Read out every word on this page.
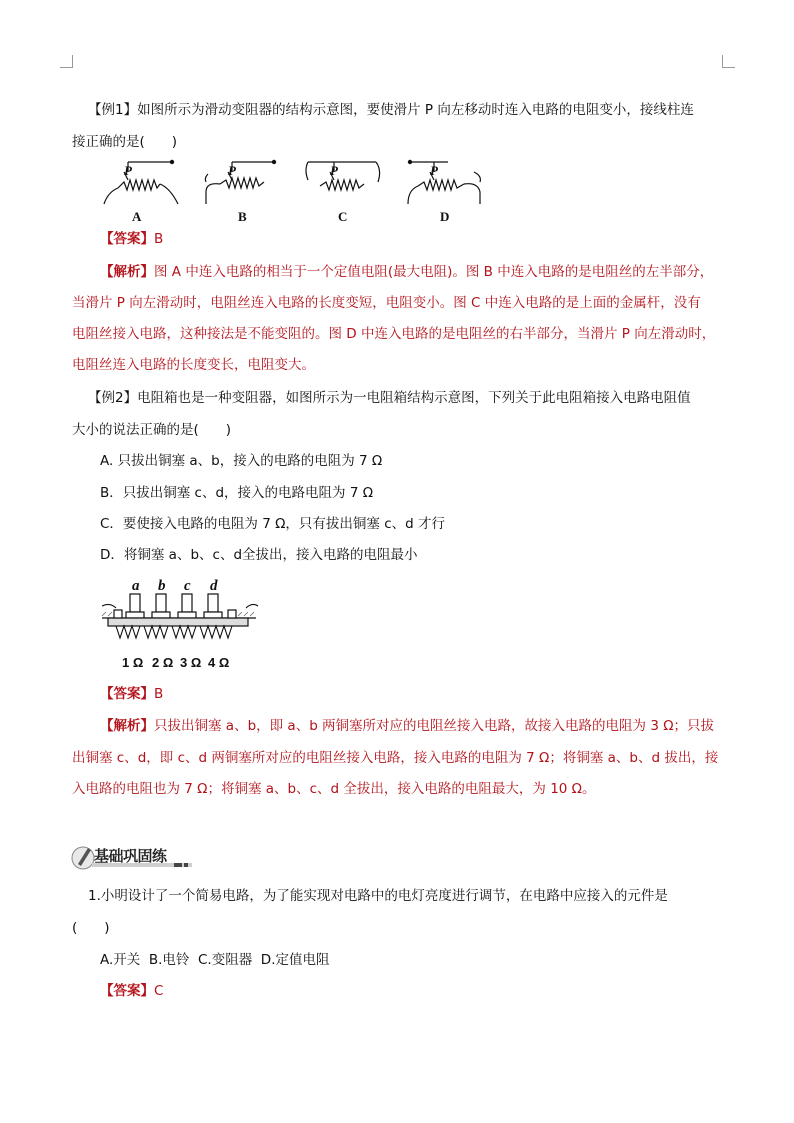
【例1】如图所示为滑动变阻器的结构示意图，要使滑片 P 向左移动时连入电路的电阻变小，接线柱连
接正确的是(　　)
P	P	P	P
A	B	C	D
【答案】B
【解析】图 A 中连入电路的相当于一个定值电阻(最大电阻)。图 B 中连入电路的是电阻丝的左半部分，
当滑片 P 向左滑动时，电阻丝连入电路的长度变短，电阻变小。图 C 中连入电路的是上面的金属杆，没有
电阻丝接入电路，这种接法是不能变阻的。图 D 中连入电路的是电阻丝的右半部分，当滑片 P 向左滑动时，
电阻丝连入电路的长度变长，电阻变大。
【例2】电阻箱也是一种变阻器，如图所示为一电阻箱结构示意图，下列关于此电阻箱接入电路电阻值
大小的说法正确的是(　　)
A. 只拔出铜塞 a、b，接入的电路的电阻为 7 Ω
B．只拔出铜塞 c、d，接入的电路电阻为 7 Ω
C．要使接入电路的电阻为 7 Ω，只有拔出铜塞 c、d 才行
D．将铜塞 a、b、c、d全拔出，接入电路的电阻最小
a b c d
1 Ω 2 Ω 3 Ω 4 Ω
【答案】B
【解析】只拔出铜塞 a、b，即 a、b 两铜塞所对应的电阻丝接入电路，故接入电路的电阻为 3 Ω；只拔
出铜塞 c、d，即 c、d 两铜塞所对应的电阻丝接入电路，接入电路的电阻为 7 Ω；将铜塞 a、b、d 拔出，接
入电路的电阻也为 7 Ω；将铜塞 a、b、c、d 全拔出，接入电路的电阻最大，为 10 Ω。
基础巩固练
1.小明设计了一个简易电路，为了能实现对电路中的电灯亮度进行调节，在电路中应接入的元件是
(　　)
A.开关  B.电铃  C.变阻器  D.定值电阻
【答案】C
